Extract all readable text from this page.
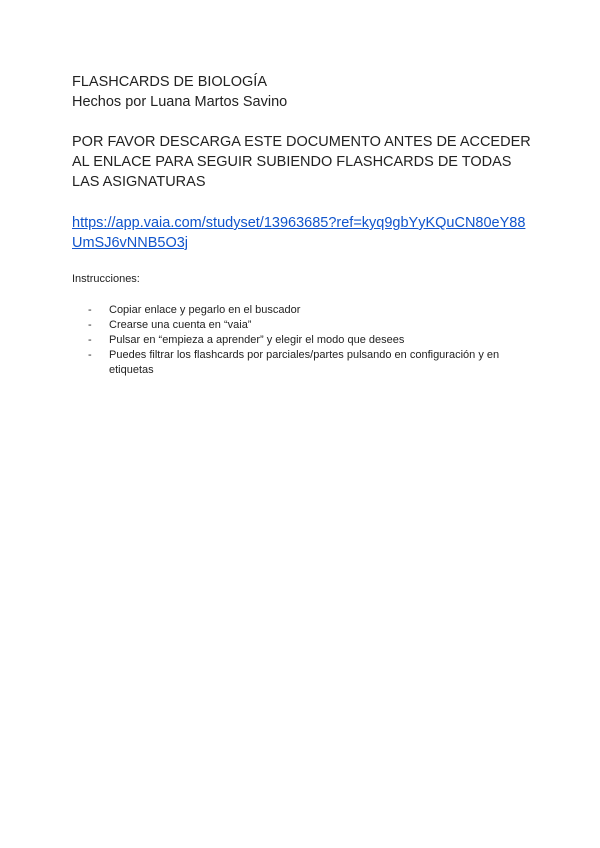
FLASHCARDS DE BIOLOGÍA
Hechos por Luana Martos Savino
POR FAVOR DESCARGA ESTE DOCUMENTO ANTES DE ACCEDER AL ENLACE PARA SEGUIR SUBIENDO FLASHCARDS DE TODAS LAS ASIGNATURAS
https://app.vaia.com/studyset/13963685?ref=kyq9gbYyKQuCN80eY88UmSJ6vNNB5O3j
Instrucciones:
- Copiar enlace y pegarlo en el buscador
- Crearse una cuenta en “vaia”
- Pulsar en “empieza a aprender” y elegir el modo que desees
- Puedes filtrar los flashcards por parciales/partes pulsando en configuración y en etiquetas
